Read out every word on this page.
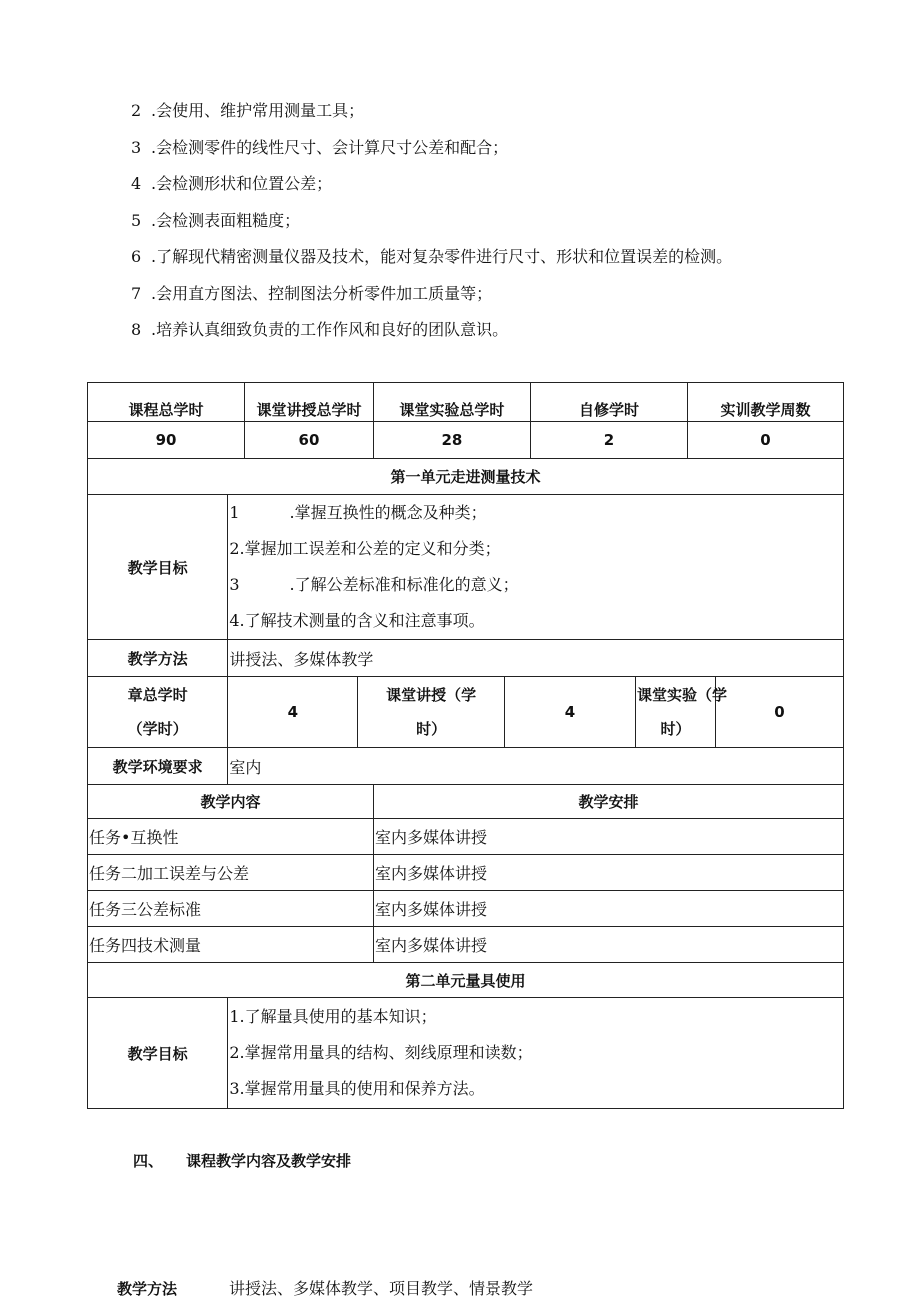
2 .会使用、维护常用测量工具；
3 .会检测零件的线性尺寸、会计算尺寸公差和配合；
4 .会检测形状和位置公差；
5 .会检测表面粗糙度；
6 .了解现代精密测量仪器及技术，能对复杂零件进行尺寸、形状和位置误差的检测。
7 .会用直方图法、控制图法分析零件加工质量等；
8 .培养认真细致负责的工作作风和良好的团队意识。
课程总学时		课堂讲授总学时		课堂实验总学时		自修学时		实训教学周数	
90		60		28		2		0	
第一单元走进测量技术									
教学目标	1 .掌握互换性的概念及种类；
2.掌握加工误差和公差的定义和分类；
3 .了解公差标准和标准化的意义；
4.了解技术测量的含义和注意事项。								

教学方法	讲授法、多媒体教学								
章总学时
（学时）	4		课堂讲授（学
时）		4		课堂实验（学
时）		0
教学环境要求	室内								
教学内容				教学安排					
任务•互换性				室内多媒体讲授					
任务二加工误差与公差				室内多媒体讲授					
任务三公差标准				室内多媒体讲授					
任务四技术测量				室内多媒体讲授					
第二单元量具使用									
教学目标	1.了解量具使用的基本知识；
2.掌握常用量具的结构、刻线原理和读数；
3.掌握常用量具的使用和保养方法。								
四、 课程教学内容及教学安排
教学方法	讲授法、多媒体教学、项目教学、情景教学
